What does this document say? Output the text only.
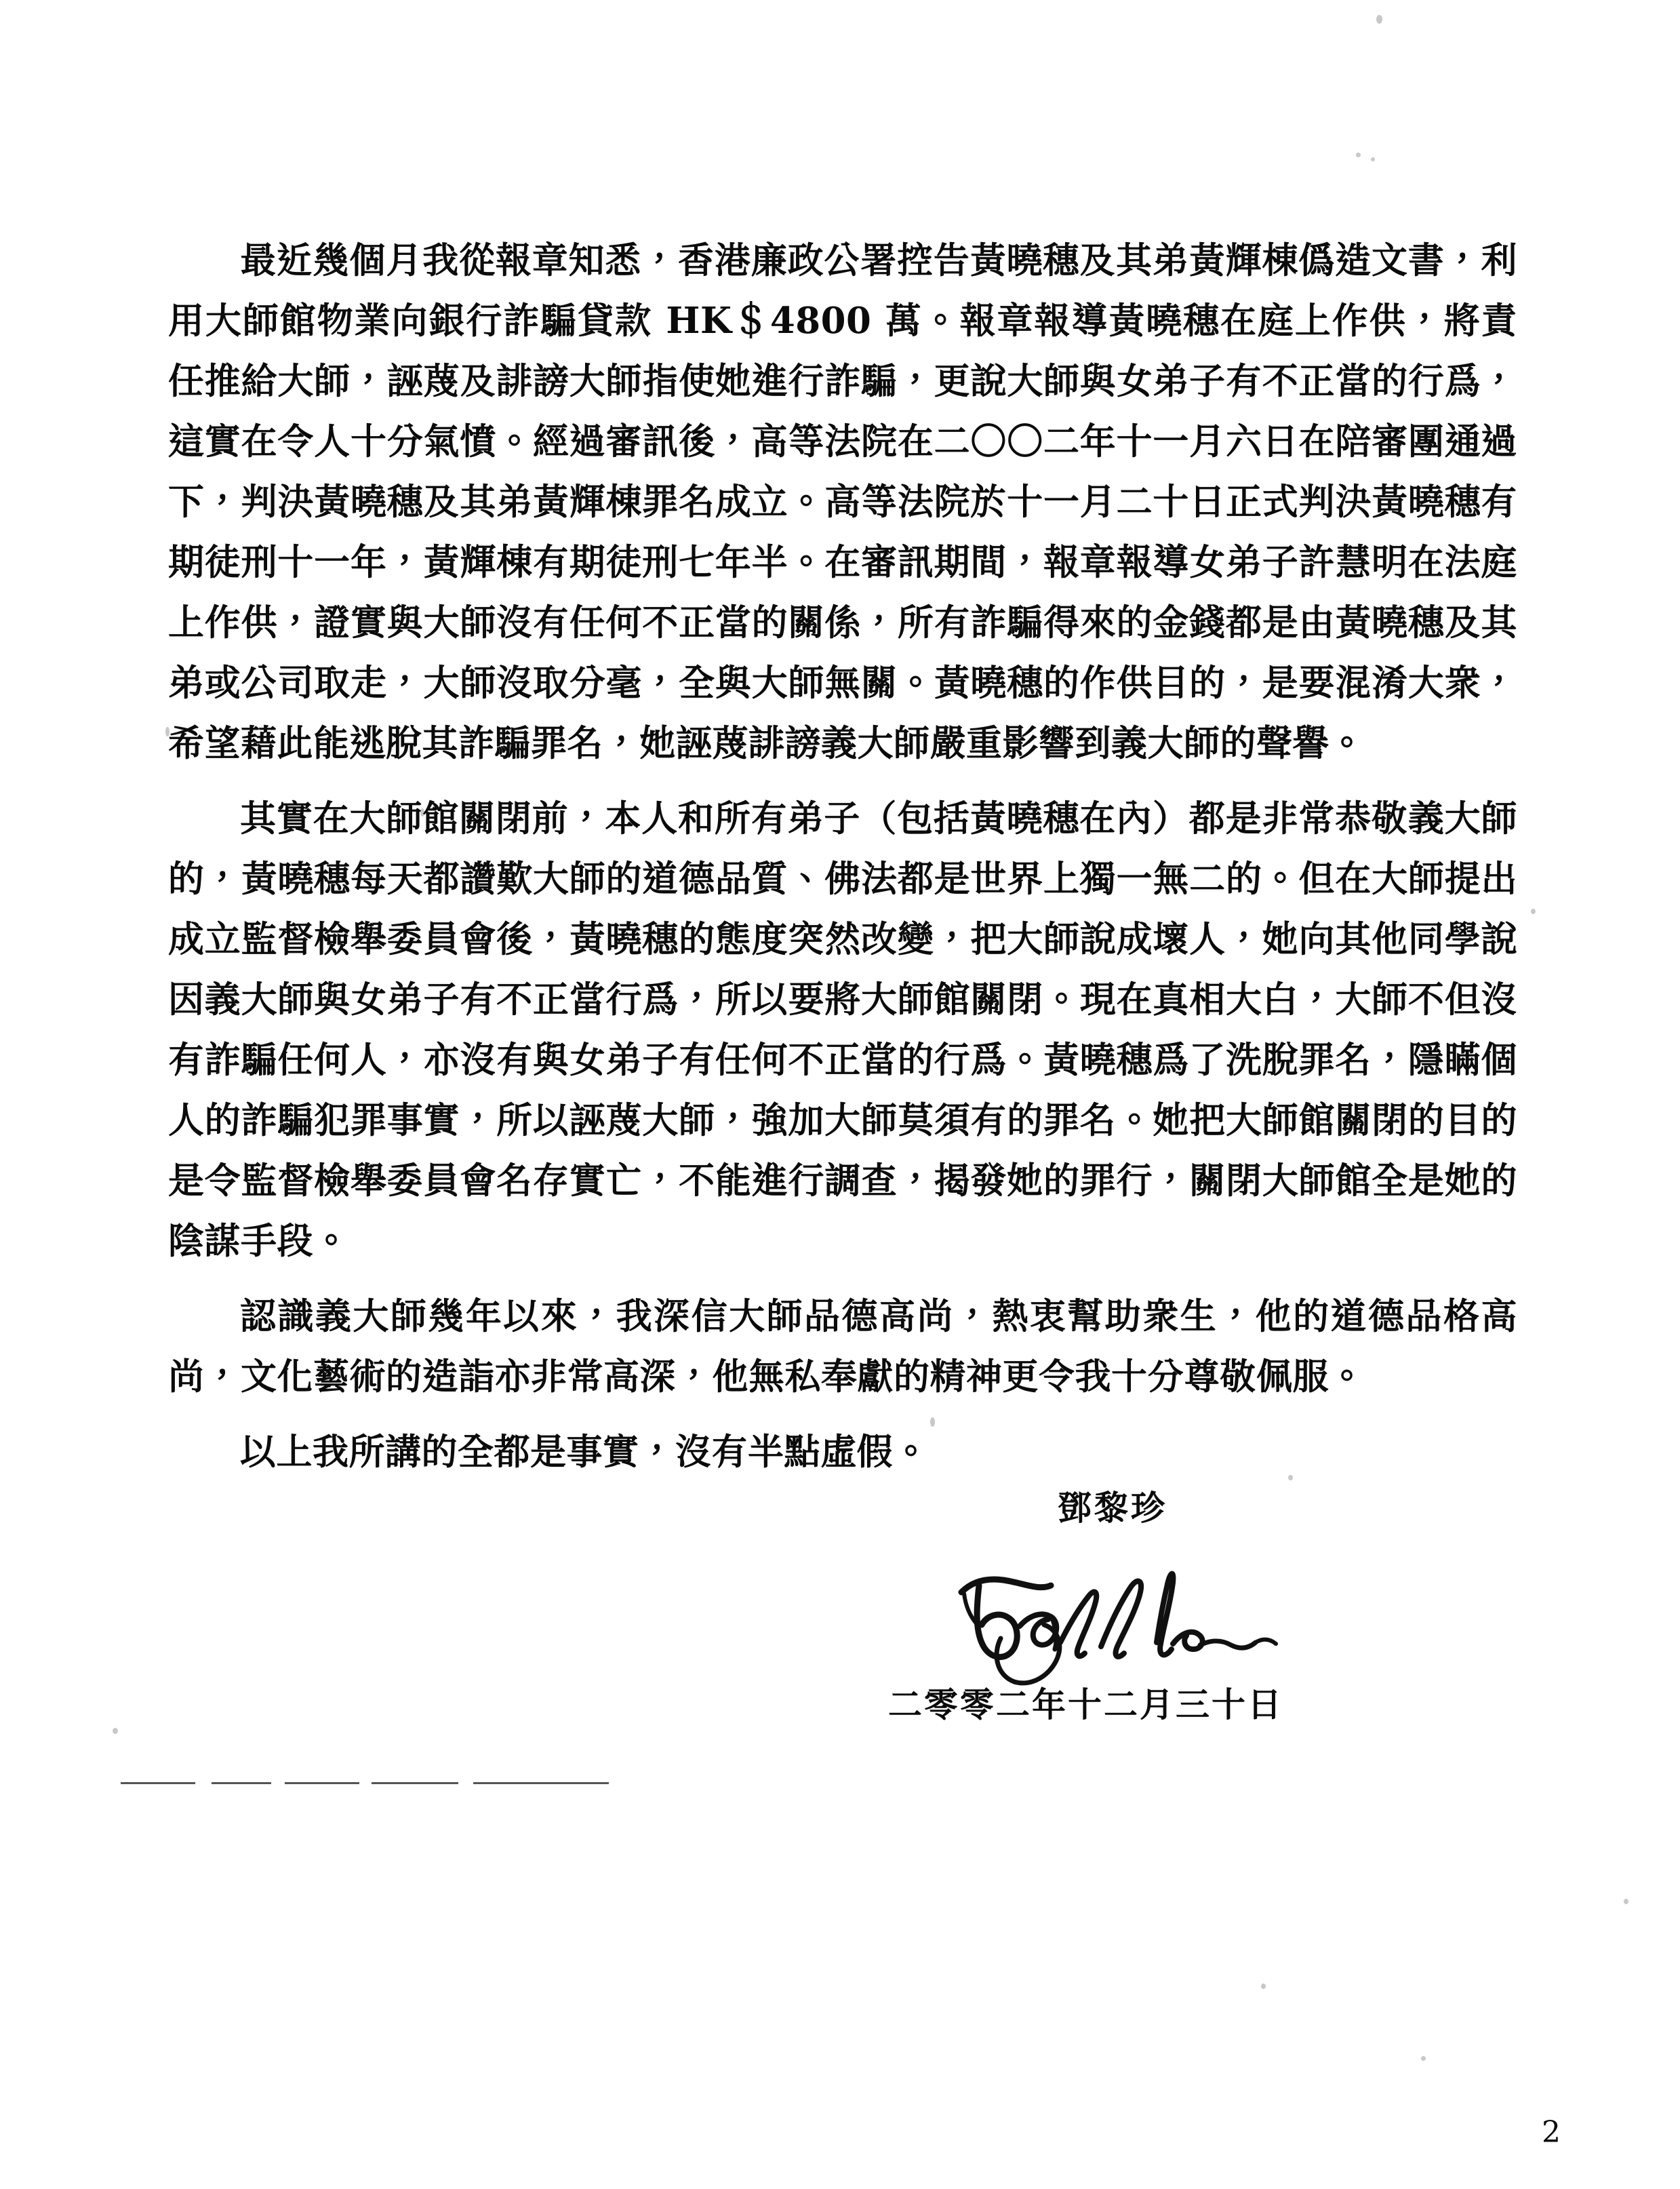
最近幾個月我從報章知悉，香港廉政公署控告黃曉穗及其弟黃輝棟僞造文書，利用大師館物業向銀行詐騙貸款 HK＄4800 萬。報章報導黃曉穗在庭上作供，將責任推給大師，誣蔑及誹謗大師指使她進行詐騙，更說大師與女弟子有不正當的行爲，這實在令人十分氣憤。經過審訊後，高等法院在二〇〇二年十一月六日在陪審團通過下，判決黃曉穗及其弟黃輝棟罪名成立。高等法院於十一月二十日正式判決黃曉穗有期徒刑十一年，黃輝棟有期徒刑七年半。在審訊期間，報章報導女弟子許慧明在法庭上作供，證實與大師沒有任何不正當的關係，所有詐騙得來的金錢都是由黃曉穗及其弟或公司取走，大師沒取分毫，全與大師無關。黃曉穗的作供目的，是要混淆大衆，希望藉此能逃脫其詐騙罪名，她誣蔑誹謗義大師嚴重影響到義大師的聲譽。

其實在大師館關閉前，本人和所有弟子（包括黃曉穗在內）都是非常恭敬義大師的，黃曉穗每天都讚歎大師的道德品質、佛法都是世界上獨一無二的。但在大師提出成立監督檢舉委員會後，黃曉穗的態度突然改變，把大師說成壞人，她向其他同學說因義大師與女弟子有不正當行爲，所以要將大師館關閉。現在真相大白，大師不但沒有詐騙任何人，亦沒有與女弟子有任何不正當的行爲。黃曉穗爲了洗脫罪名，隱瞞個人的詐騙犯罪事實，所以誣蔑大師，強加大師莫須有的罪名。她把大師館關閉的目的是令監督檢舉委員會名存實亡，不能進行調查，揭發她的罪行，關閉大師館全是她的陰謀手段。

認識義大師幾年以來，我深信大師品德高尚，熱衷幫助衆生，他的道德品格高尚，文化藝術的造詣亦非常高深，他無私奉獻的精神更令我十分尊敬佩服。

以上我所講的全都是事實，沒有半點虛假。

鄧黎珍
二零零二年十二月三十日
2
